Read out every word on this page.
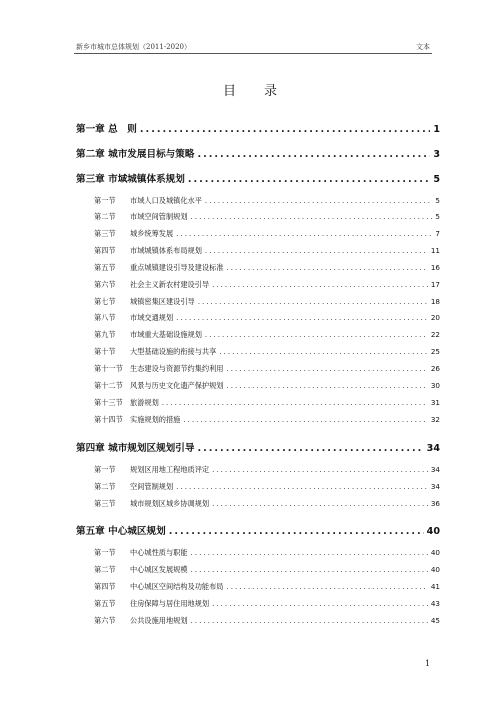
新乡市城市总体规划（2011-2020）	文本
目录
第一章 总　则 .....	1
第二章 城市发展目标与策略 .....	3
第三章 市域城镇体系规划 .....	5
第一节	市域人口及城镇化水平 .....	5
第二节	市域空间管制规划 .....	5
第三节	城乡统筹发展 .....	7
第四节	市域城镇体系布局规划 .....	11
第五节	重点城镇建设引导及建设标准 .....	16
第六节	社会主义新农村建设引导 .....	17
第七节	城镇密集区建设引导 .....	18
第八节	市域交通规划 .....	20
第九节	市域重大基础设施规划 .....	22
第十节	大型基础设施的衔接与共享 .....	25
第十一节	生态建设与资源节约集约利用 .....	26
第十二节	风景与历史文化遗产保护规划 .....	30
第十三节	旅游规划 .....	31
第十四节	实施规划的措施 .....	32
第四章 城市规划区规划引导 .....	34
第一节	规划区用地工程地质评定 .....	34
第二节	空间管制规划 .....	34
第三节	城市规划区城乡协调规划 .....	36
第五章 中心城区规划 .....	40
第一节	中心城性质与职能 .....	40
第二节	中心城区发展规模 .....	40
第四节	中心城区空间结构及功能布局 .....	41
第五节	住房保障与居住用地规划 .....	43
第六节	公共设施用地规划 .....	45
1
